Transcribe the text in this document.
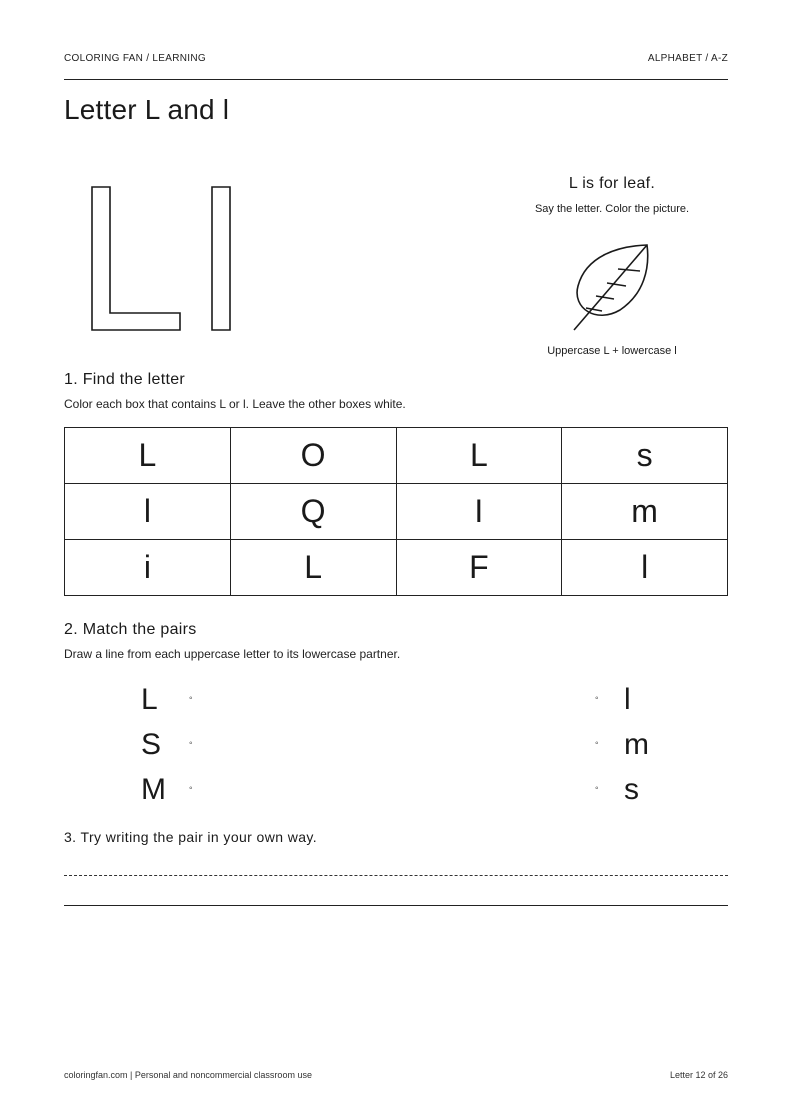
COLORING FAN / LEARNING	ALPHABET / A-Z
Letter L and l
L is for leaf.
Say the letter. Color the picture.
Uppercase L + lowercase l
1. Find the letter
Color each box that contains L or l. Leave the other boxes white.
L	O	L	s
l	Q	I	m
i	L	F	l
2. Match the pairs
Draw a line from each uppercase letter to its lowercase partner.
L
S
M
◦
◦
◦
◦
◦
◦
l
m
s
3. Try writing the pair in your own way.
coloringfan.com | Personal and noncommercial classroom use	Letter 12 of 26
